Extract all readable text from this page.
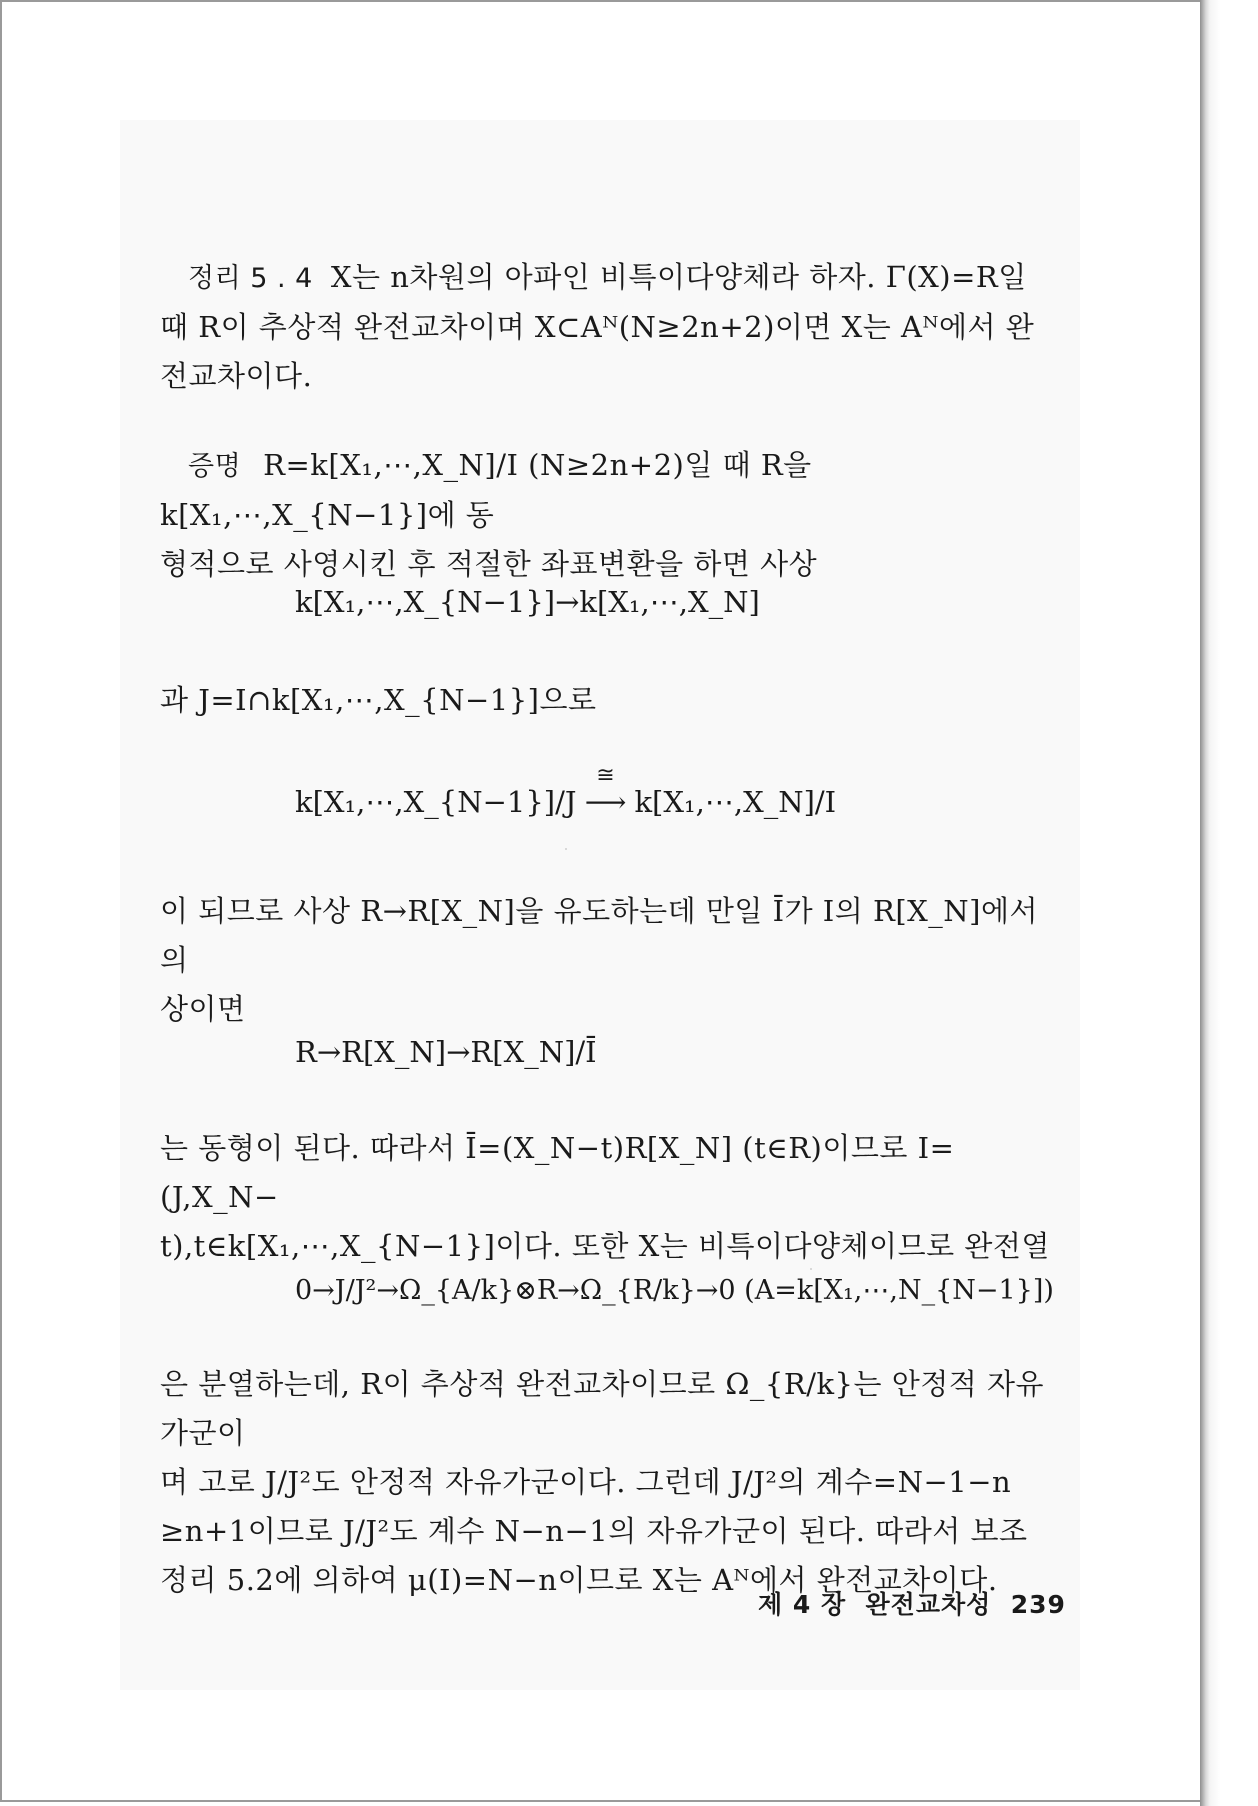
정리 5 . 4 X는 n차원의 아파인 비특이다양체라 하자. Γ(X)=R일
때 R이 추상적 완전교차이며 X⊂Aᴺ(N≥2n+2)이면 X는 Aᴺ에서 완
전교차이다.
증명 R=k[X₁,⋯,X_N]/I (N≥2n+2)일 때 R을 k[X₁,⋯,X_{N−1}]에 동
형적으로 사영시킨 후 적절한 좌표변환을 하면 사상
k[X₁,⋯,X_{N−1}]→k[X₁,⋯,X_N]
과 J=I∩k[X₁,⋯,X_{N−1}]으로
k[X₁,⋯,X_{N−1}]/J
≅
⟶ k[X₁,⋯,X_N]/I
이 되므로 사상 R→R[X_N]을 유도하는데 만일 Ī가 I의 R[X_N]에서의
상이면
R→R[X_N]→R[X_N]/Ī
는 동형이 된다. 따라서 Ī=(X_N−t)R[X_N] (t∈R)이므로 I=(J,X_N−
t),t∈k[X₁,⋯,X_{N−1}]이다. 또한 X는 비특이다양체이므로 완전열
0→J/J²→Ω_{A/k}⊗R→Ω_{R/k}→0 (A=k[X₁,⋯,N_{N−1}])
은 분열하는데, R이 추상적 완전교차이므로 Ω_{R/k}는 안정적 자유가군이
며 고로 J/J²도 안정적 자유가군이다. 그런데 J/J²의 계수=N−1−n
≥n+1이므로 J/J²도 계수 N−n−1의 자유가군이 된다. 따라서 보조
정리 5.2에 의하여 μ(I)=N−n이므로 X는 Aᴺ에서 완전교차이다.
제 4 장 완전교차성 239
